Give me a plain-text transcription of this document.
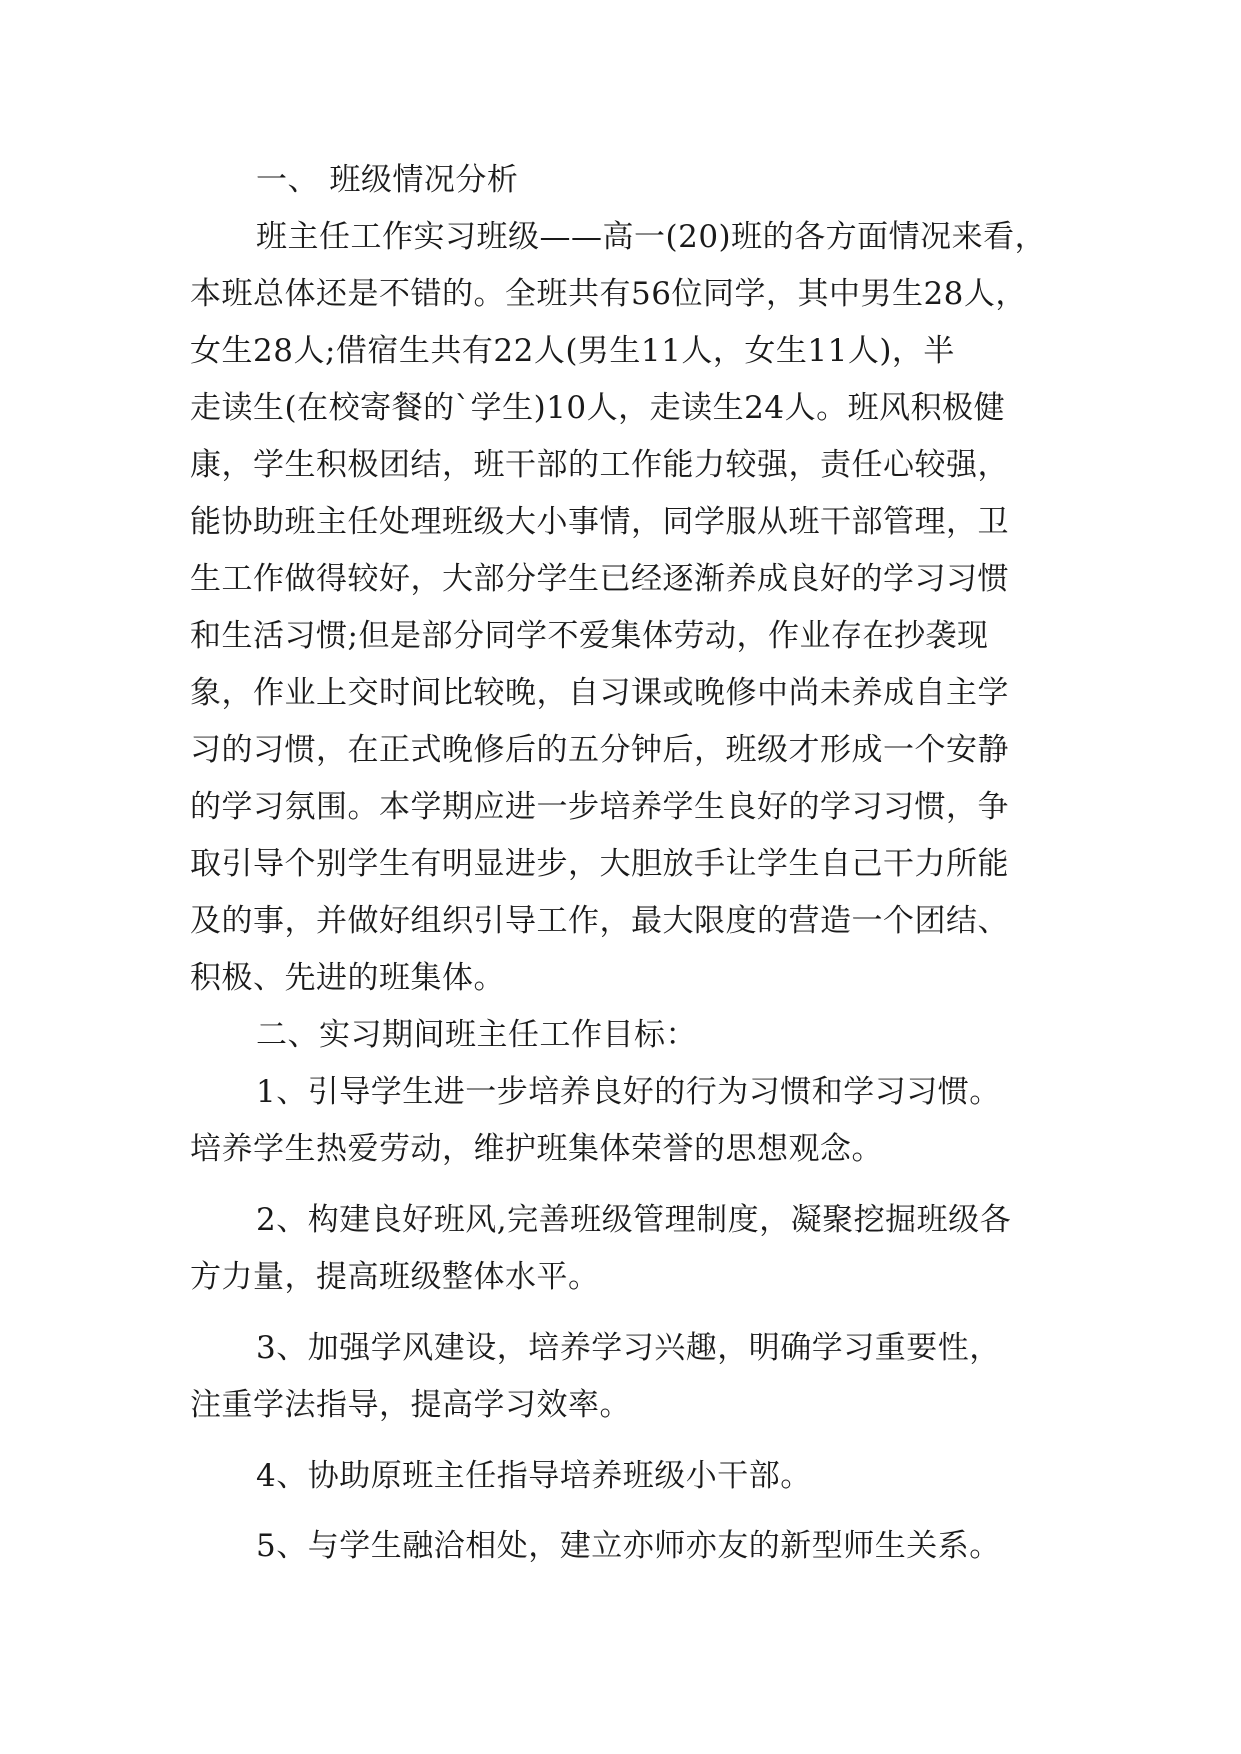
一、 班级情况分析
班主任工作实习班级——高一(20)班的各方面情况来看，
本班总体还是不错的。全班共有56位同学，其中男生28人，
女生28人;借宿生共有22人(男生11人，女生11人)，半
走读生(在校寄餐的`学生)10人，走读生24人。班风积极健
康，学生积极团结，班干部的工作能力较强，责任心较强，
能协助班主任处理班级大小事情，同学服从班干部管理，卫
生工作做得较好，大部分学生已经逐渐养成良好的学习习惯
和生活习惯;但是部分同学不爱集体劳动，作业存在抄袭现
象，作业上交时间比较晚，自习课或晚修中尚未养成自主学
习的习惯，在正式晚修后的五分钟后，班级才形成一个安静
的学习氛围。本学期应进一步培养学生良好的学习习惯，争
取引导个别学生有明显进步，大胆放手让学生自己干力所能
及的事，并做好组织引导工作，最大限度的营造一个团结、
积极、先进的班集体。
二、实习期间班主任工作目标：
1、引导学生进一步培养良好的行为习惯和学习习惯。
培养学生热爱劳动，维护班集体荣誉的思想观念。
2、构建良好班风,完善班级管理制度，凝聚挖掘班级各
方力量，提高班级整体水平。
3、加强学风建设，培养学习兴趣，明确学习重要性，
注重学法指导，提高学习效率。
4、协助原班主任指导培养班级小干部。
5、与学生融洽相处，建立亦师亦友的新型师生关系。
